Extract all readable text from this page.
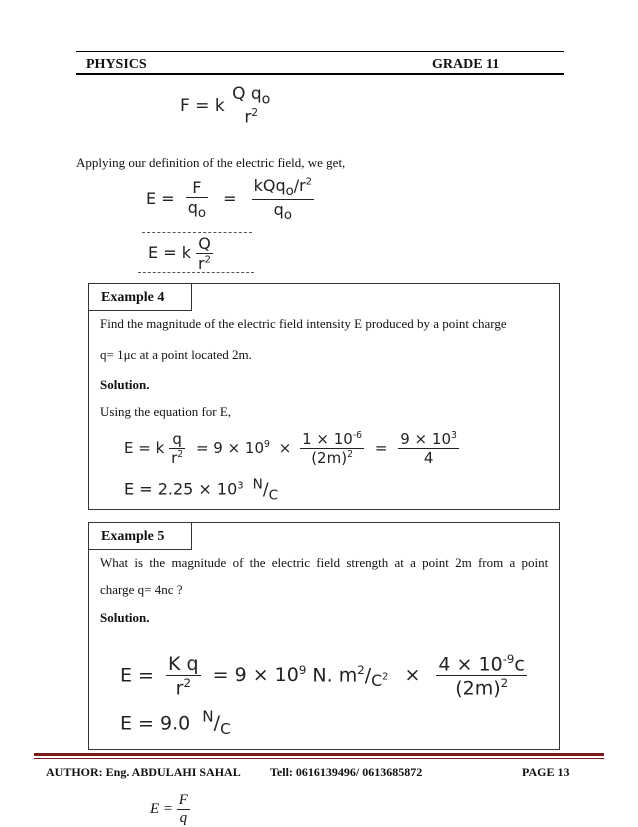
PHYSICS	GRADE 11
F = k
Q $q_o$
$r^2$
Applying our definition of the electric field, we get,
$E = \frac{F}{q_o} = \frac{kQq_o/r^2}{q_o}$
E = k $\frac{Q}{r^2}$
Example 4
Find the magnitude of the electric field intensity E produced by a point charge
q= 1μc at a point located 2m.
Solution.
Using the equation for E,
E = k $\frac{q}{r^2} = 9 \times 10^9 \times \frac{1 \times 10^{-6}}{(2m)^2} = \frac{9 \times 10^3}{4}$
$E = 2.25 \times 10^3$ $^N/_C$
Example 5
What is the magnitude of the electric field strength at a point 2m from a point
charge q= 4nc ?
Solution.
$E = \frac{\text{K q}}{r^2} = 9 \times 10^9$ N. $m^2/_{C^2} \times \frac{4 \times 10^{-9}c}{(2m)^2}$
E = 9.0 $^N/_C$
AUTHOR: Eng. ABDULAHI SAHAL Tell: 0616139496/ 0613685872	PAGE 13
$E = \frac{F}{q}$
